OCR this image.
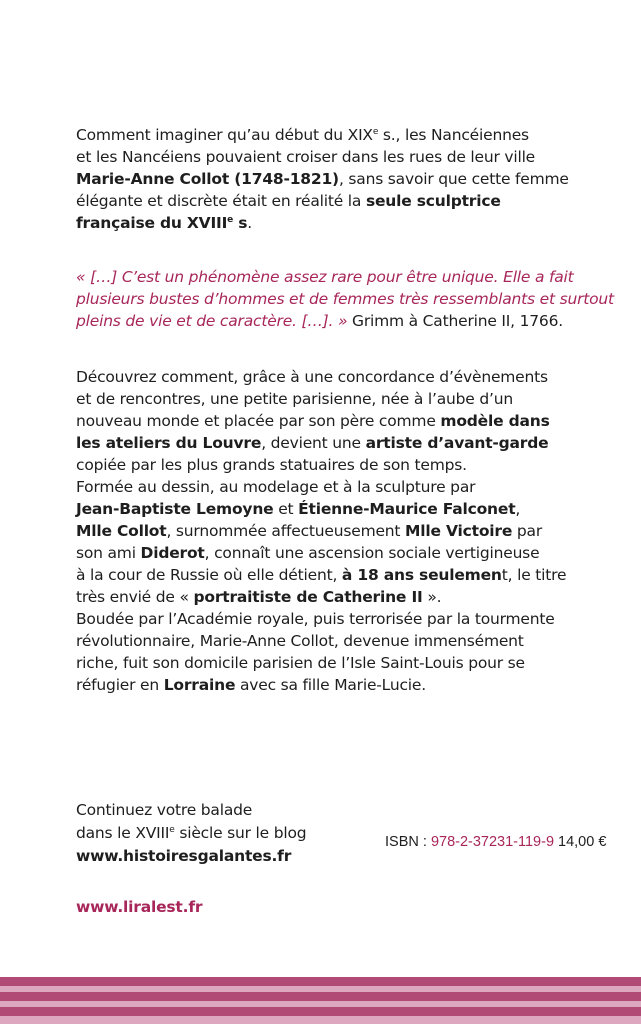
Comment imaginer qu’au début du XIXe s., les Nancéiennes
et les Nancéiens pouvaient croiser dans les rues de leur ville
Marie-Anne Collot (1748-1821), sans savoir que cette femme
élégante et discrète était en réalité la seule sculptrice
française du XVIIIe s.

« […] C’est un phénomène assez rare pour être unique. Elle a fait
plusieurs bustes d’hommes et de femmes très ressemblants et surtout
pleins de vie et de caractère. […]. » Grimm à Catherine II, 1766.

Découvrez comment, grâce à une concordance d’évènements
et de rencontres, une petite parisienne, née à l’aube d’un
nouveau monde et placée par son père comme modèle dans
les ateliers du Louvre, devient une artiste d’avant-garde
copiée par les plus grands statuaires de son temps.
Formée au dessin, au modelage et à la sculpture par
Jean-Baptiste Lemoyne et Étienne-Maurice Falconet,
Mlle Collot, surnommée affectueusement Mlle Victoire par
son ami Diderot, connaît une ascension sociale vertigineuse
à la cour de Russie où elle détient, à 18 ans seulement, le titre
très envié de « portraitiste de Catherine II ».
Boudée par l’Académie royale, puis terrorisée par la tourmente
révolutionnaire, Marie-Anne Collot, devenue immensément
riche, fuit son domicile parisien de l’Isle Saint-Louis pour se
réfugier en Lorraine avec sa fille Marie-Lucie.

Continuez votre balade
dans le XVIIIe siècle sur le blog
www.histoiresgalantes.fr

ISBN : 978-2-37231-119-9 14,00 €

www.liralest.fr
